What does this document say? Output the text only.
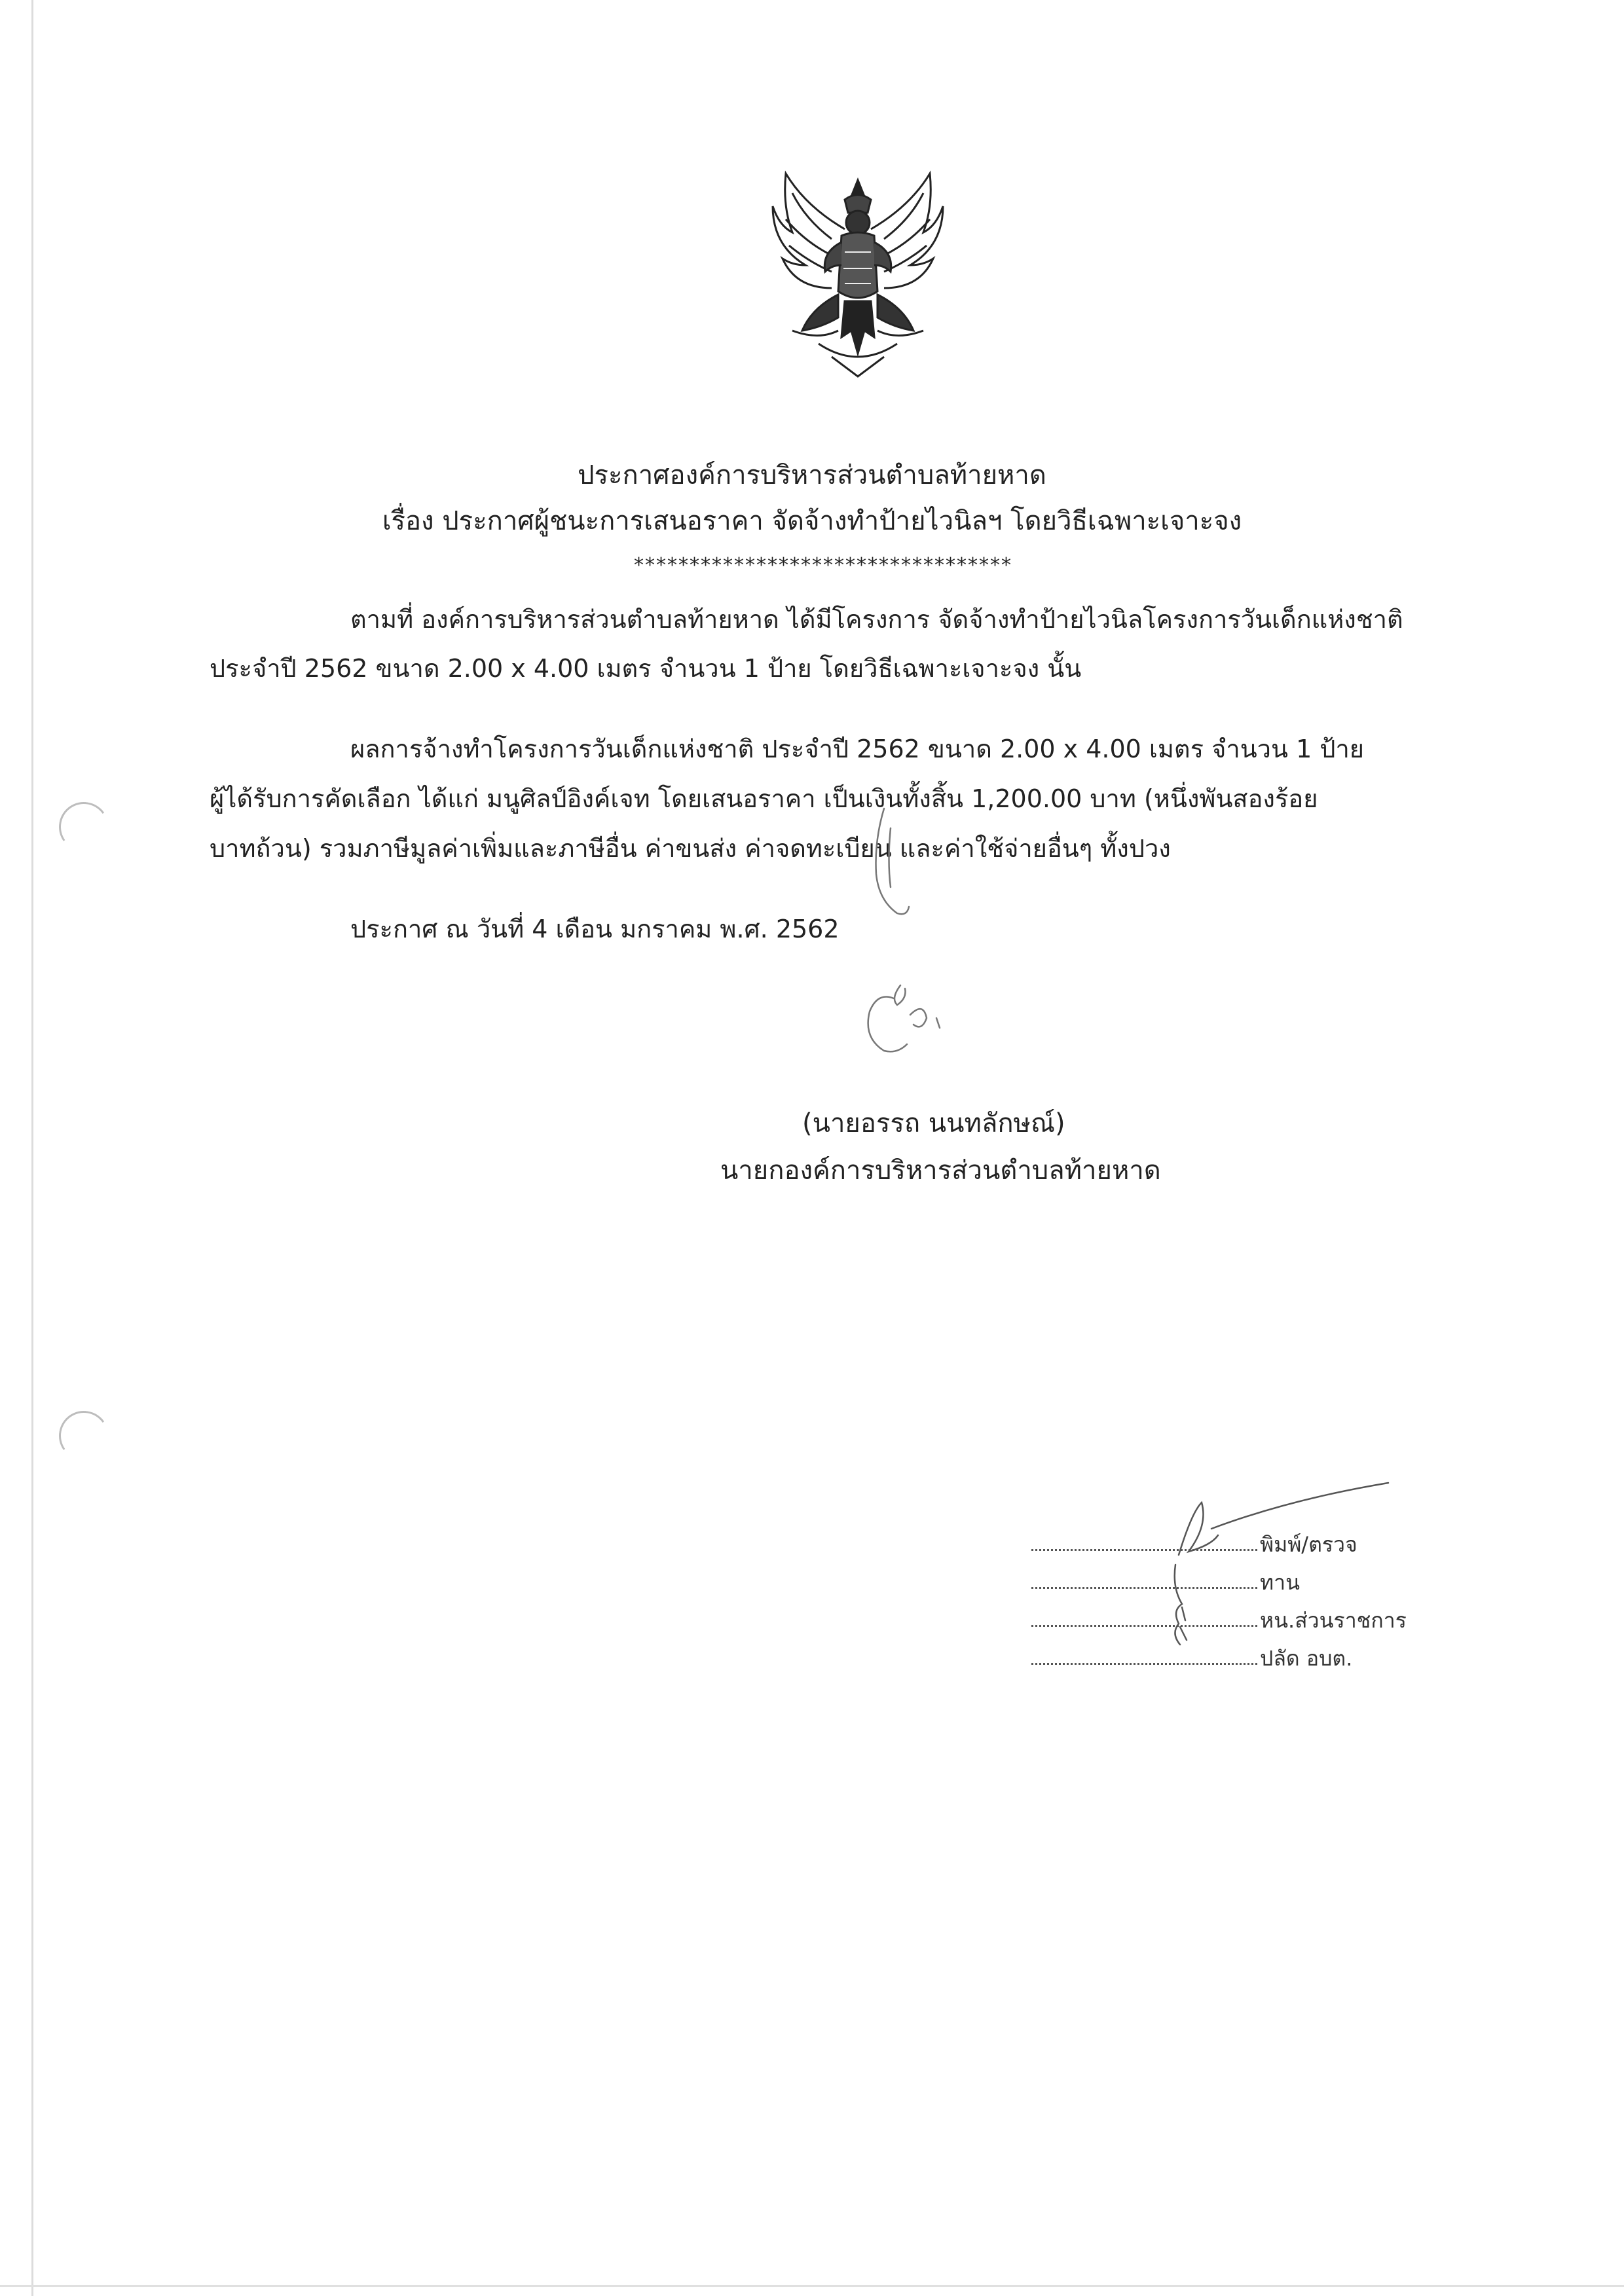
ประกาศองค์การบริหารส่วนตำบลท้ายหาด
เรื่อง ประกาศผู้ชนะการเสนอราคา จัดจ้างทำป้ายไวนิลฯ โดยวิธีเฉพาะเจาะจง
**********************************
ตามที่ องค์การบริหารส่วนตำบลท้ายหาด ได้มีโครงการ จัดจ้างทำป้ายไวนิลโครงการวันเด็กแห่งชาติ
ประจำปี 2562 ขนาด 2.00 x 4.00 เมตร จำนวน 1 ป้าย โดยวิธีเฉพาะเจาะจง นั้น
ผลการจ้างทำโครงการวันเด็กแห่งชาติ ประจำปี 2562 ขนาด 2.00 x 4.00 เมตร จำนวน 1 ป้าย
ผู้ได้รับการคัดเลือก ได้แก่ มนูศิลป์อิงค์เจท โดยเสนอราคา เป็นเงินทั้งสิ้น 1,200.00 บาท (หนึ่งพันสองร้อย
บาทถ้วน) รวมภาษีมูลค่าเพิ่มและภาษีอื่น ค่าขนส่ง ค่าจดทะเบียน และค่าใช้จ่ายอื่นๆ ทั้งปวง
ประกาศ ณ วันที่ 4 เดือน มกราคม พ.ศ. 2562
(นายอรรถ นนทลักษณ์)
นายกองค์การบริหารส่วนตำบลท้ายหาด
พิมพ์/ตรวจ
ทาน
หน.ส่วนราชการ
ปลัด อบต.
